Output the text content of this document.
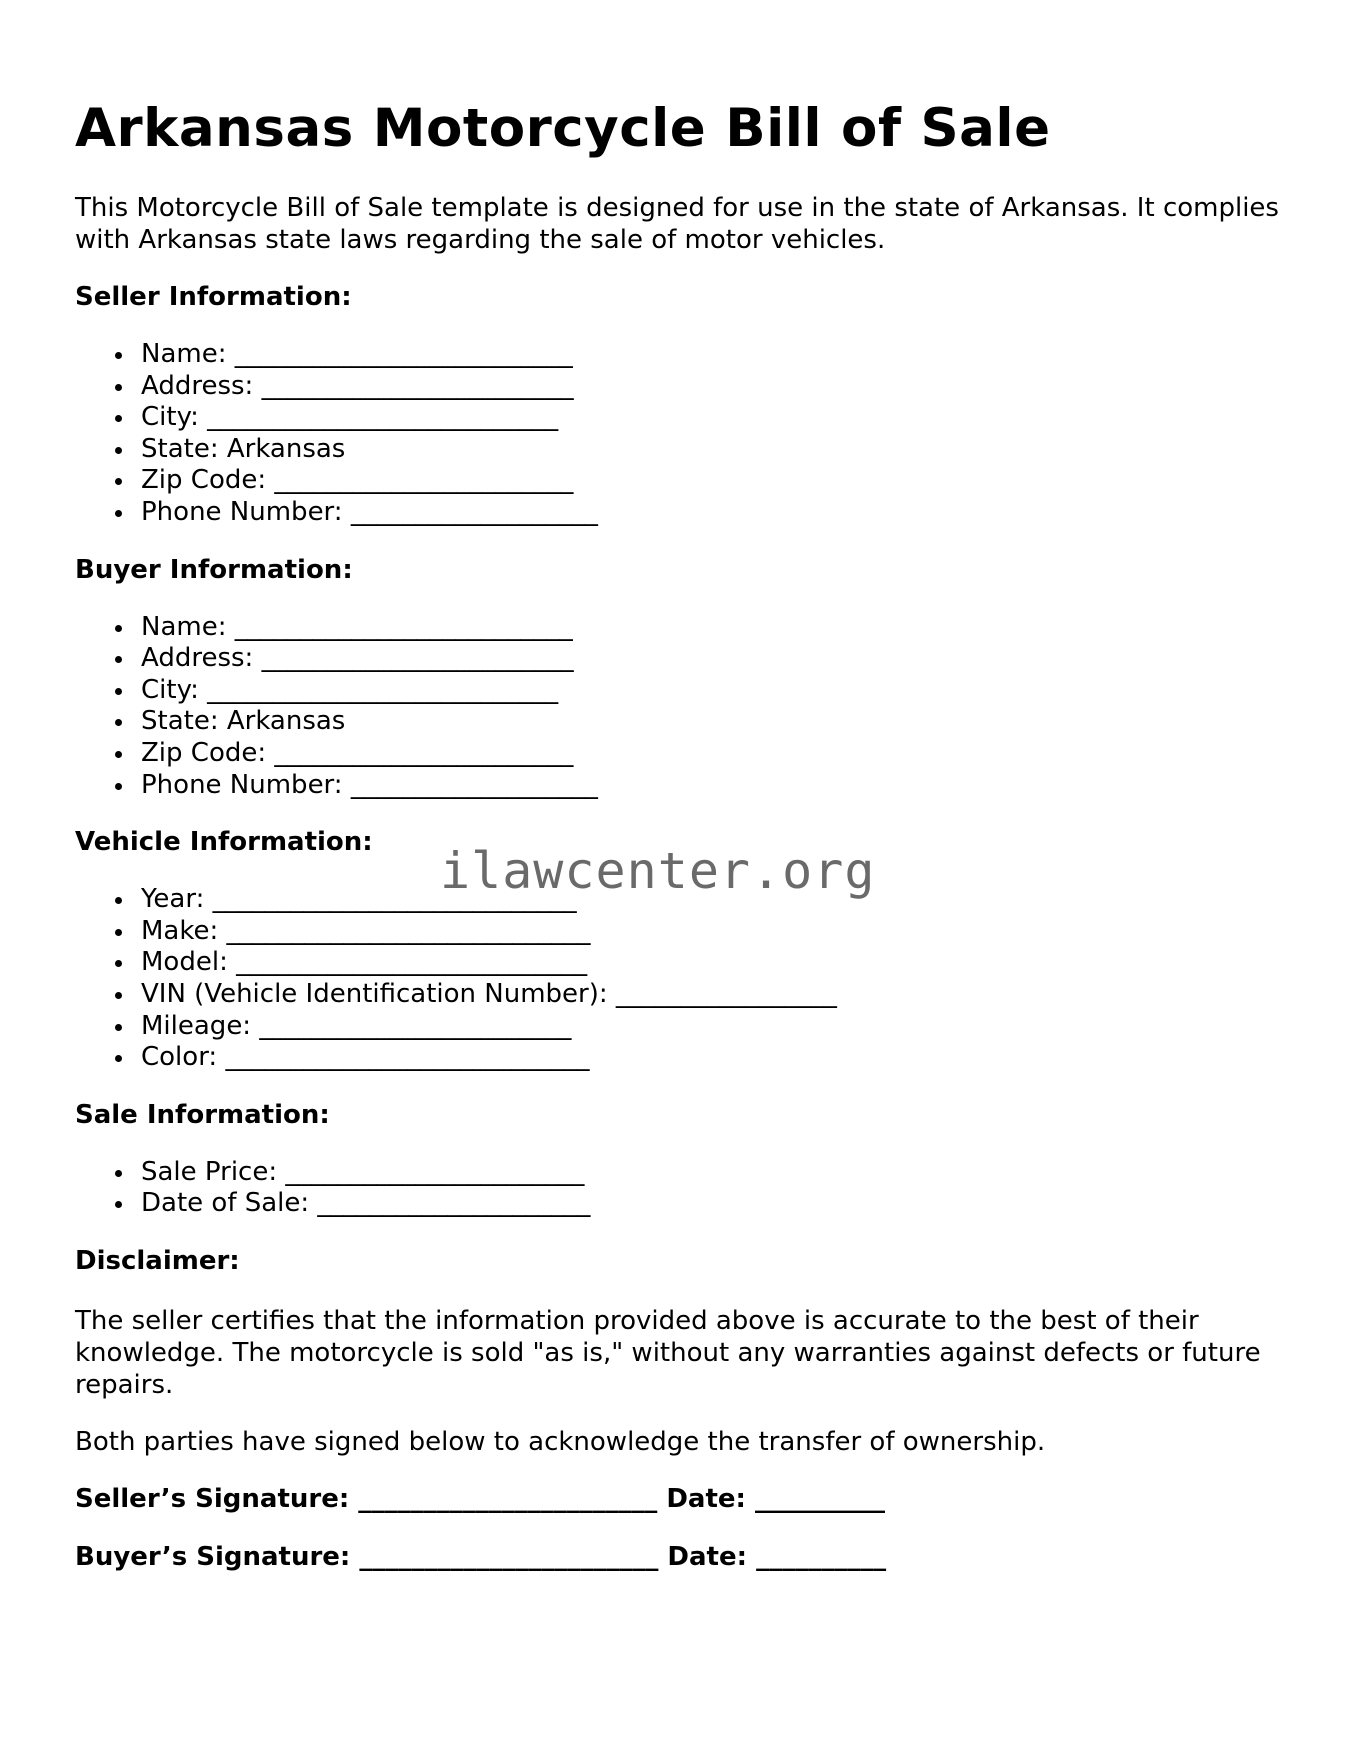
Arkansas Motorcycle Bill of Sale

This Motorcycle Bill of Sale template is designed for use in the state of Arkansas. It complies with Arkansas state laws regarding the sale of motor vehicles.

Seller Information:
Name: __________________________
Address: ________________________
City: ___________________________
State: Arkansas
Zip Code: _______________________
Phone Number: ___________________
Buyer Information:
Name: __________________________
Address: ________________________
City: ___________________________
State: Arkansas
Zip Code: _______________________
Phone Number: ___________________
Vehicle Information:
Year: ____________________________
Make: ____________________________
Model: ___________________________
VIN (Vehicle Identification Number): _________________
Mileage: ________________________
Color: ____________________________
Sale Information:
Sale Price: _______________________
Date of Sale: _____________________
Disclaimer:

The seller certifies that the information provided above is accurate to the best of their knowledge. The motorcycle is sold "as is," without any warranties against defects or future repairs.

Both parties have signed below to acknowledge the transfer of ownership.

Seller’s Signature: _______________________ Date: __________
Buyer’s Signature: _______________________ Date: __________
ilawcenter.org
